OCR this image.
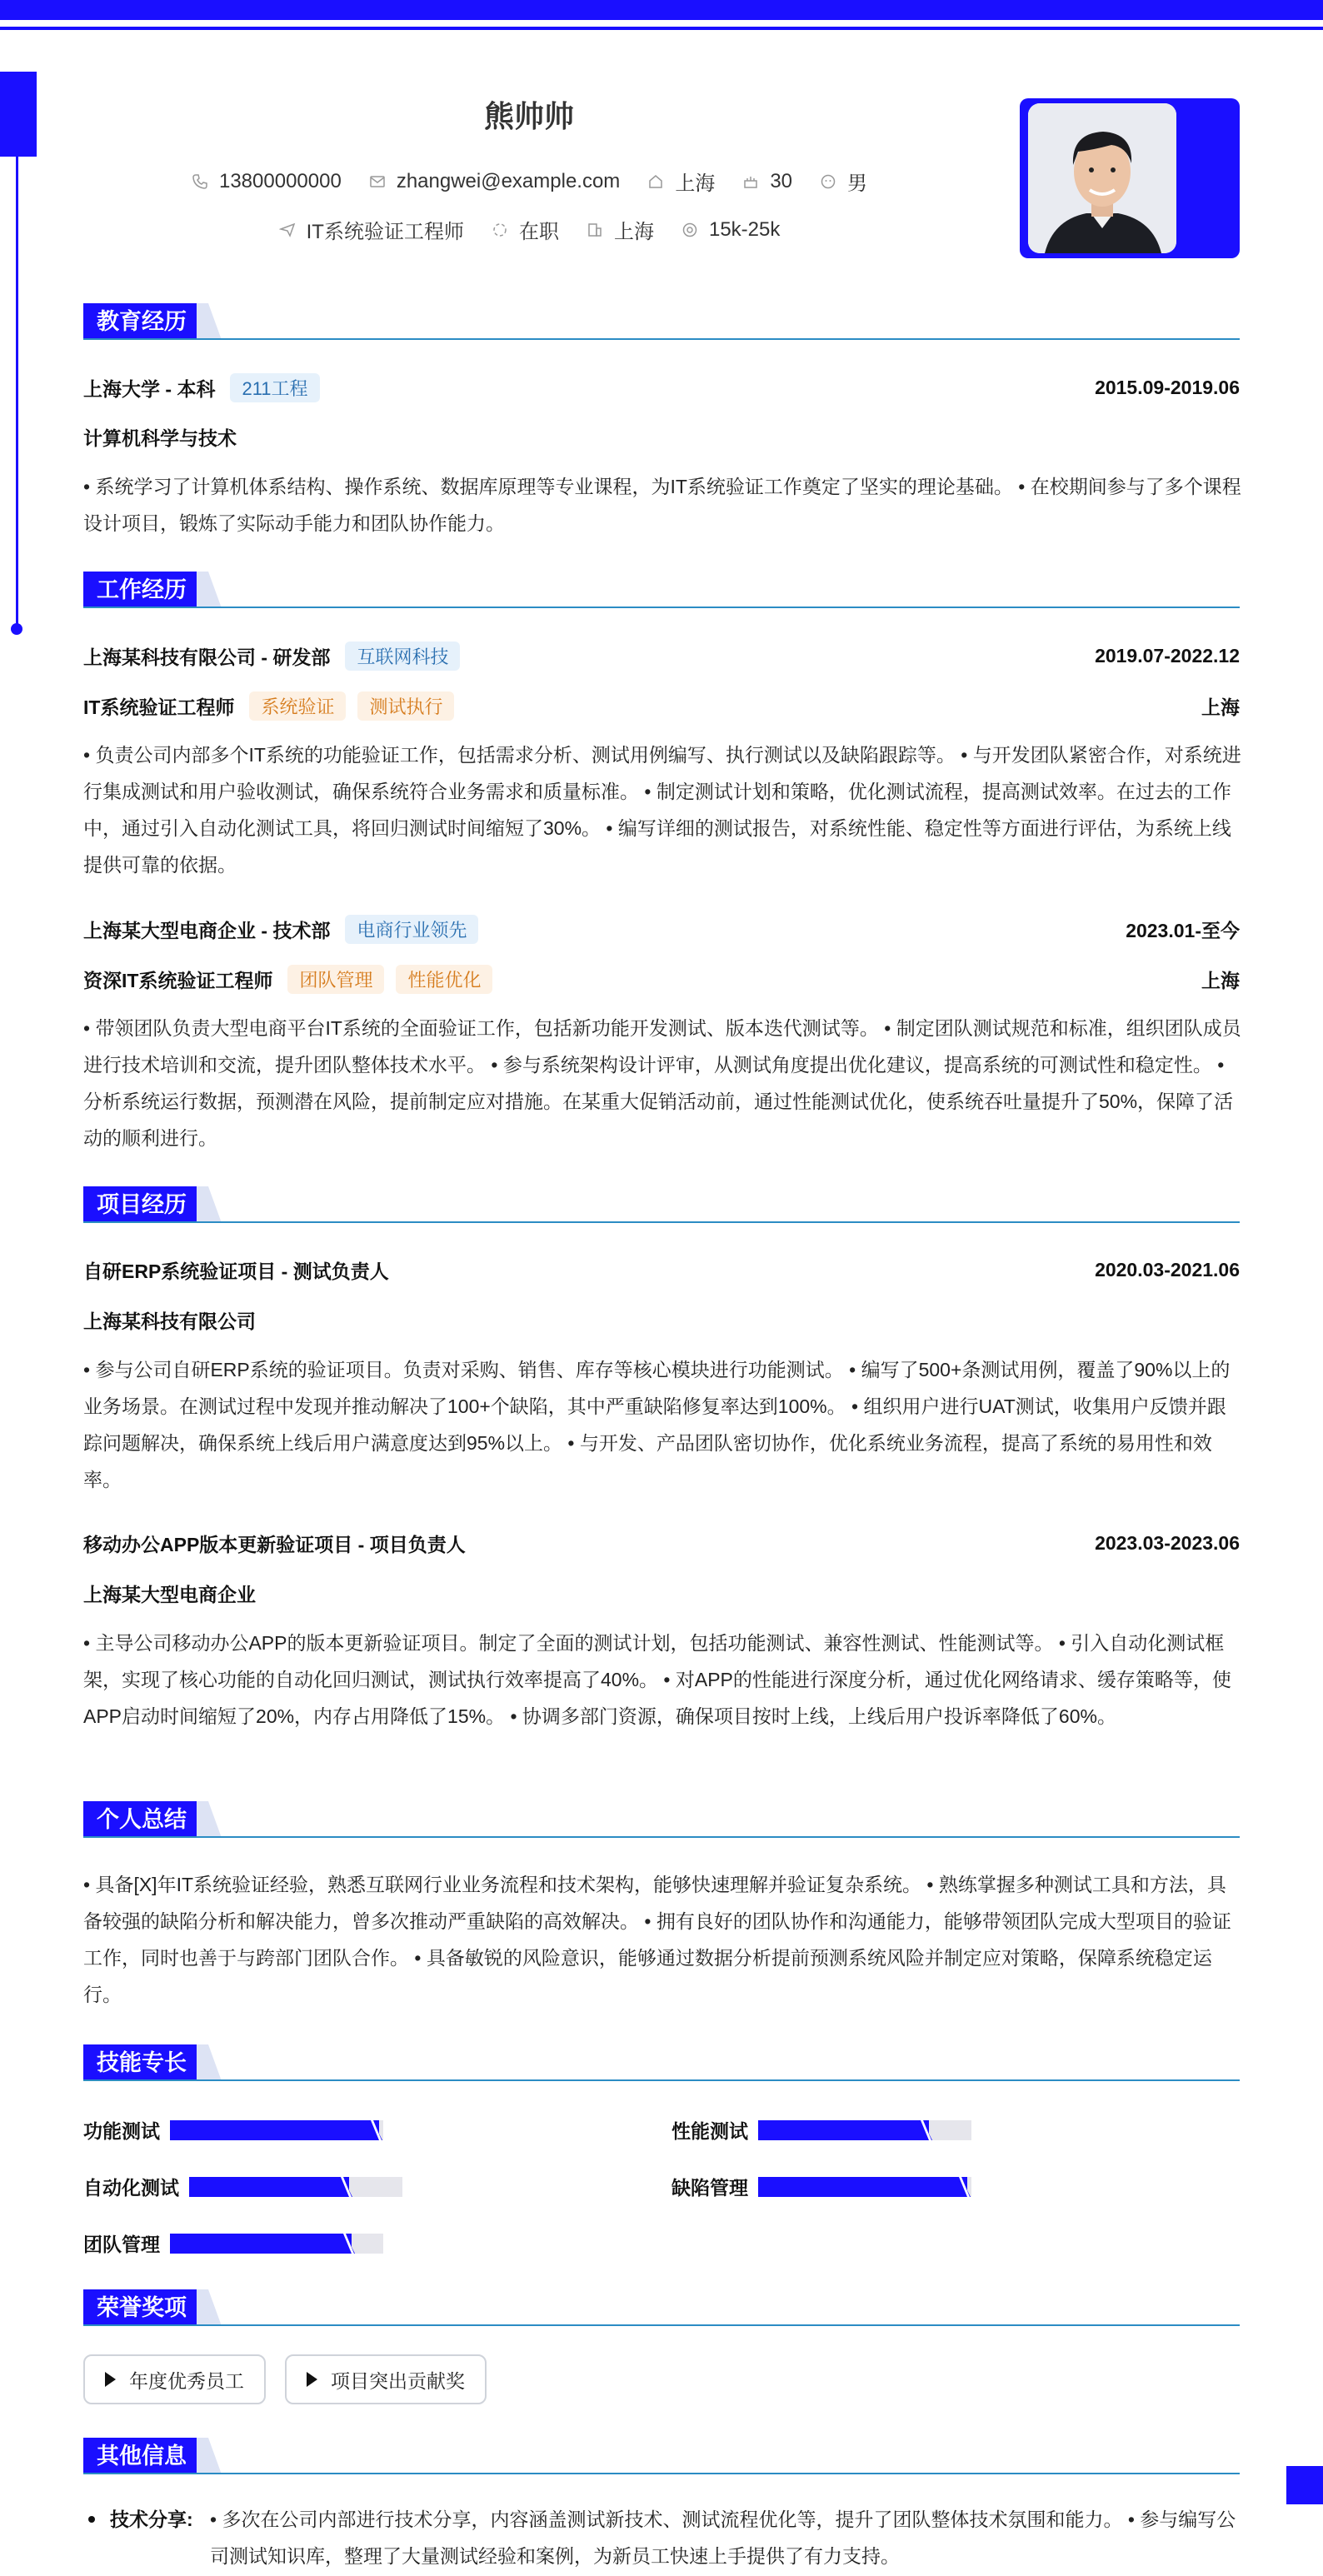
熊帅帅
13800000000	zhangwei@example.com	上海	30	男
IT系统验证工程师	在职	上海	15k-25k
教育经历
上海大学 - 本科	211工程	2015.09-2019.06
计算机科学与技术
• 系统学习了计算机体系结构、操作系统、数据库原理等专业课程，为IT系统验证工作奠定了坚实的理论基础。 • 在校期间参与了多个课程设计项目，锻炼了实际动手能力和团队协作能力。
工作经历
上海某科技有限公司 - 研发部	互联网科技	2019.07-2022.12
IT系统验证工程师	系统验证	测试执行	上海
• 负责公司内部多个IT系统的功能验证工作，包括需求分析、测试用例编写、执行测试以及缺陷跟踪等。 • 与开发团队紧密合作，对系统进行集成测试和用户验收测试，确保系统符合业务需求和质量标准。 • 制定测试计划和策略，优化测试流程，提高测试效率。在过去的工作中，通过引入自动化测试工具，将回归测试时间缩短了30%。 • 编写详细的测试报告，对系统性能、稳定性等方面进行评估，为系统上线提供可靠的依据。
上海某大型电商企业 - 技术部	电商行业领先	2023.01-至今
资深IT系统验证工程师	团队管理	性能优化	上海
• 带领团队负责大型电商平台IT系统的全面验证工作，包括新功能开发测试、版本迭代测试等。 • 制定团队测试规范和标准，组织团队成员进行技术培训和交流，提升团队整体技术水平。 • 参与系统架构设计评审，从测试角度提出优化建议，提高系统的可测试性和稳定性。 • 分析系统运行数据，预测潜在风险，提前制定应对措施。在某重大促销活动前，通过性能测试优化，使系统吞吐量提升了50%，保障了活动的顺利进行。
项目经历
自研ERP系统验证项目 - 测试负责人	2020.03-2021.06
上海某科技有限公司
• 参与公司自研ERP系统的验证项目。负责对采购、销售、库存等核心模块进行功能测试。 • 编写了500+条测试用例，覆盖了90%以上的业务场景。在测试过程中发现并推动解决了100+个缺陷，其中严重缺陷修复率达到100%。 • 组织用户进行UAT测试，收集用户反馈并跟踪问题解决，确保系统上线后用户满意度达到95%以上。 • 与开发、产品团队密切协作，优化系统业务流程，提高了系统的易用性和效率。
移动办公APP版本更新验证项目 - 项目负责人	2023.03-2023.06
上海某大型电商企业
• 主导公司移动办公APP的版本更新验证项目。制定了全面的测试计划，包括功能测试、兼容性测试、性能测试等。 • 引入自动化测试框架，实现了核心功能的自动化回归测试，测试执行效率提高了40%。 • 对APP的性能进行深度分析，通过优化网络请求、缓存策略等，使APP启动时间缩短了20%，内存占用降低了15%。 • 协调多部门资源，确保项目按时上线，上线后用户投诉率降低了60%。
个人总结
• 具备[X]年IT系统验证经验，熟悉互联网行业业务流程和技术架构，能够快速理解并验证复杂系统。 • 熟练掌握多种测试工具和方法，具备较强的缺陷分析和解决能力，曾多次推动严重缺陷的高效解决。 • 拥有良好的团队协作和沟通能力，能够带领团队完成大型项目的验证工作，同时也善于与跨部门团队合作。 • 具备敏锐的风险意识，能够通过数据分析提前预测系统风险并制定应对策略，保障系统稳定运行。
技能专长
功能测试	性能测试
自动化测试	缺陷管理
团队管理
荣誉奖项
年度优秀员工	项目突出贡献奖
其他信息
技术分享: • 多次在公司内部进行技术分享，内容涵盖测试新技术、测试流程优化等，提升了团队整体技术氛围和能力。 • 参与编写公司测试知识库，整理了大量测试经验和案例，为新员工快速上手提供了有力支持。
